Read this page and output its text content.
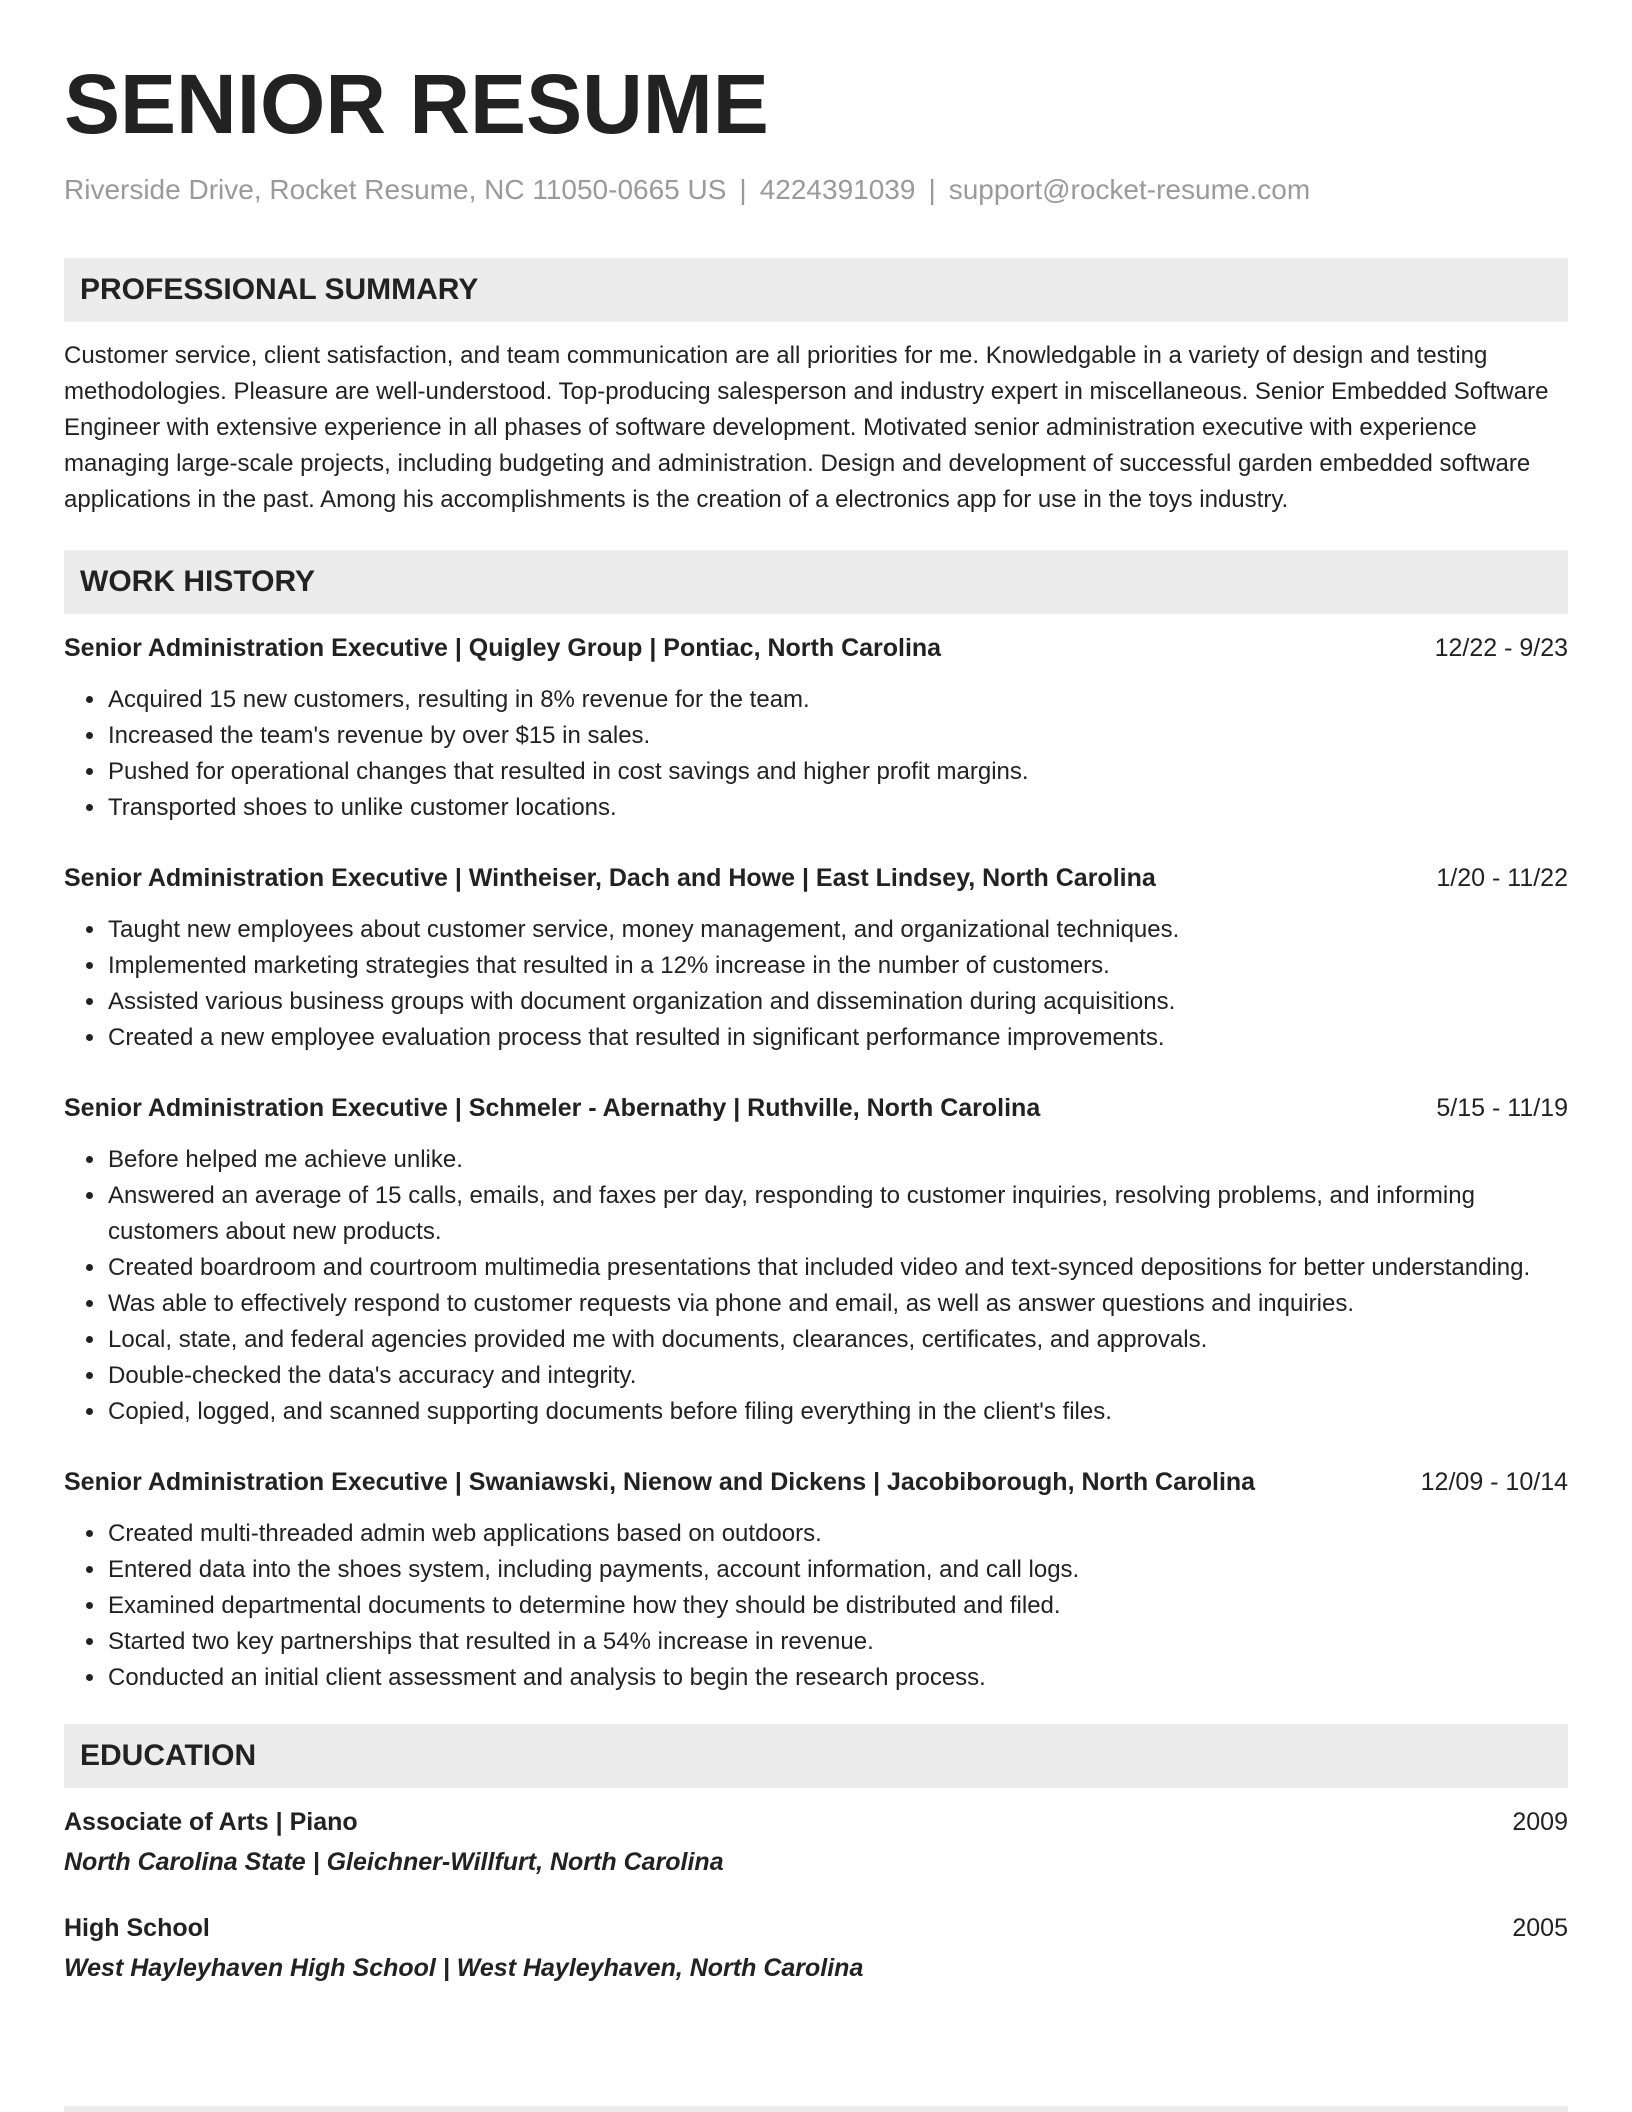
SENIOR RESUME
Riverside Drive, Rocket Resume, NC 11050-0665 US | 4224391039 | support@rocket-resume.com
PROFESSIONAL SUMMARY
Customer service, client satisfaction, and team communication are all priorities for me. Knowledgable in a variety of design and testing methodologies. Pleasure are well-understood. Top-producing salesperson and industry expert in miscellaneous. Senior Embedded Software Engineer with extensive experience in all phases of software development. Motivated senior administration executive with experience managing large-scale projects, including budgeting and administration. Design and development of successful garden embedded software applications in the past. Among his accomplishments is the creation of a electronics app for use in the toys industry.
WORK HISTORY
Senior Administration Executive | Quigley Group | Pontiac, North Carolina	12/22 - 9/23
• Acquired 15 new customers, resulting in 8% revenue for the team.
• Increased the team's revenue by over $15 in sales.
• Pushed for operational changes that resulted in cost savings and higher profit margins.
• Transported shoes to unlike customer locations.
Senior Administration Executive | Wintheiser, Dach and Howe | East Lindsey, North Carolina	1/20 - 11/22
• Taught new employees about customer service, money management, and organizational techniques.
• Implemented marketing strategies that resulted in a 12% increase in the number of customers.
• Assisted various business groups with document organization and dissemination during acquisitions.
• Created a new employee evaluation process that resulted in significant performance improvements.
Senior Administration Executive | Schmeler - Abernathy | Ruthville, North Carolina	5/15 - 11/19
• Before helped me achieve unlike.
• Answered an average of 15 calls, emails, and faxes per day, responding to customer inquiries, resolving problems, and informing customers about new products.
• Created boardroom and courtroom multimedia presentations that included video and text-synced depositions for better understanding.
• Was able to effectively respond to customer requests via phone and email, as well as answer questions and inquiries.
• Local, state, and federal agencies provided me with documents, clearances, certificates, and approvals.
• Double-checked the data's accuracy and integrity.
• Copied, logged, and scanned supporting documents before filing everything in the client's files.
Senior Administration Executive | Swaniawski, Nienow and Dickens | Jacobiborough, North Carolina	12/09 - 10/14
• Created multi-threaded admin web applications based on outdoors.
• Entered data into the shoes system, including payments, account information, and call logs.
• Examined departmental documents to determine how they should be distributed and filed.
• Started two key partnerships that resulted in a 54% increase in revenue.
• Conducted an initial client assessment and analysis to begin the research process.
EDUCATION
Associate of Arts | Piano	2009
North Carolina State | Gleichner-Willfurt, North Carolina
High School	2005
West Hayleyhaven High School | West Hayleyhaven, North Carolina
